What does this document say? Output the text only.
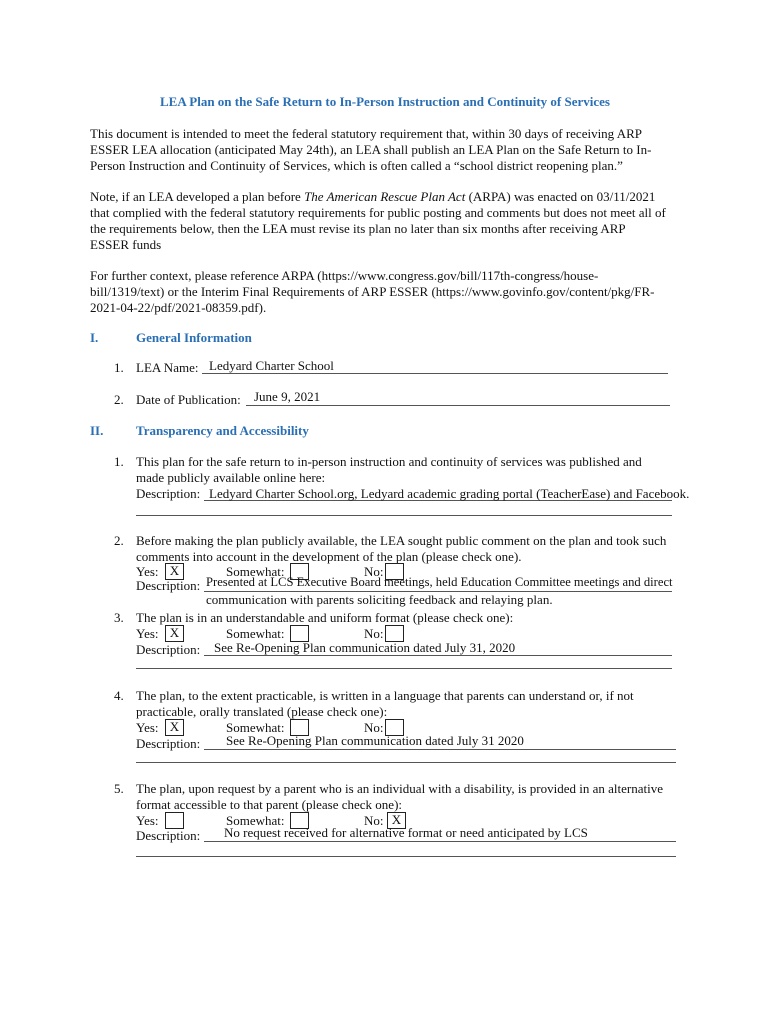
LEA Plan on the Safe Return to In-Person Instruction and Continuity of Services
This document is intended to meet the federal statutory requirement that, within 30 days of receiving ARP
ESSER LEA allocation (anticipated May 24th), an LEA shall publish an LEA Plan on the Safe Return to In-
Person Instruction and Continuity of Services, which is often called a “school district reopening plan.”
Note, if an LEA developed a plan before The American Rescue Plan Act (ARPA) was enacted on 03/11/2021
that complied with the federal statutory requirements for public posting and comments but does not meet all of
the requirements below, then the LEA must revise its plan no later than six months after receiving ARP
ESSER funds
For further context, please reference ARPA (https://www.congress.gov/bill/117th-congress/house-
bill/1319/text) or the Interim Final Requirements of ARP ESSER (https://www.govinfo.gov/content/pkg/FR-
2021-04-22/pdf/2021-08359.pdf).
I.	General Information
1. LEA Name: Ledyard Charter School
2. Date of Publication: June 9, 2021
II.	Transparency and Accessibility
1. This plan for the safe return to in-person instruction and continuity of services was published and
made publicly available online here:
Description: Ledyard Charter School.org, Ledyard academic grading portal (TeacherEase) and Facebook.
2. Before making the plan publicly available, the LEA sought public comment on the plan and took such
comments into account in the development of the plan (please check one).
Yes: X	Somewhat:	No:
Description: Presented at LCS Executive Board meetings, held Education Committee meetings and direct
communication with parents soliciting feedback and relaying plan.
3. The plan is in an understandable and uniform format (please check one):
Yes: X	Somewhat:	No:
Description: See Re-Opening Plan communication dated July 31, 2020
4. The plan, to the extent practicable, is written in a language that parents can understand or, if not
practicable, orally translated (please check one):
Yes: X	Somewhat:	No:
Description: See Re-Opening Plan communication dated July 31 2020
5. The plan, upon request by a parent who is an individual with a disability, is provided in an alternative
format accessible to that parent (please check one):
Yes:	Somewhat:	No: X
Description: No request received for alternative format or need anticipated by LCS
